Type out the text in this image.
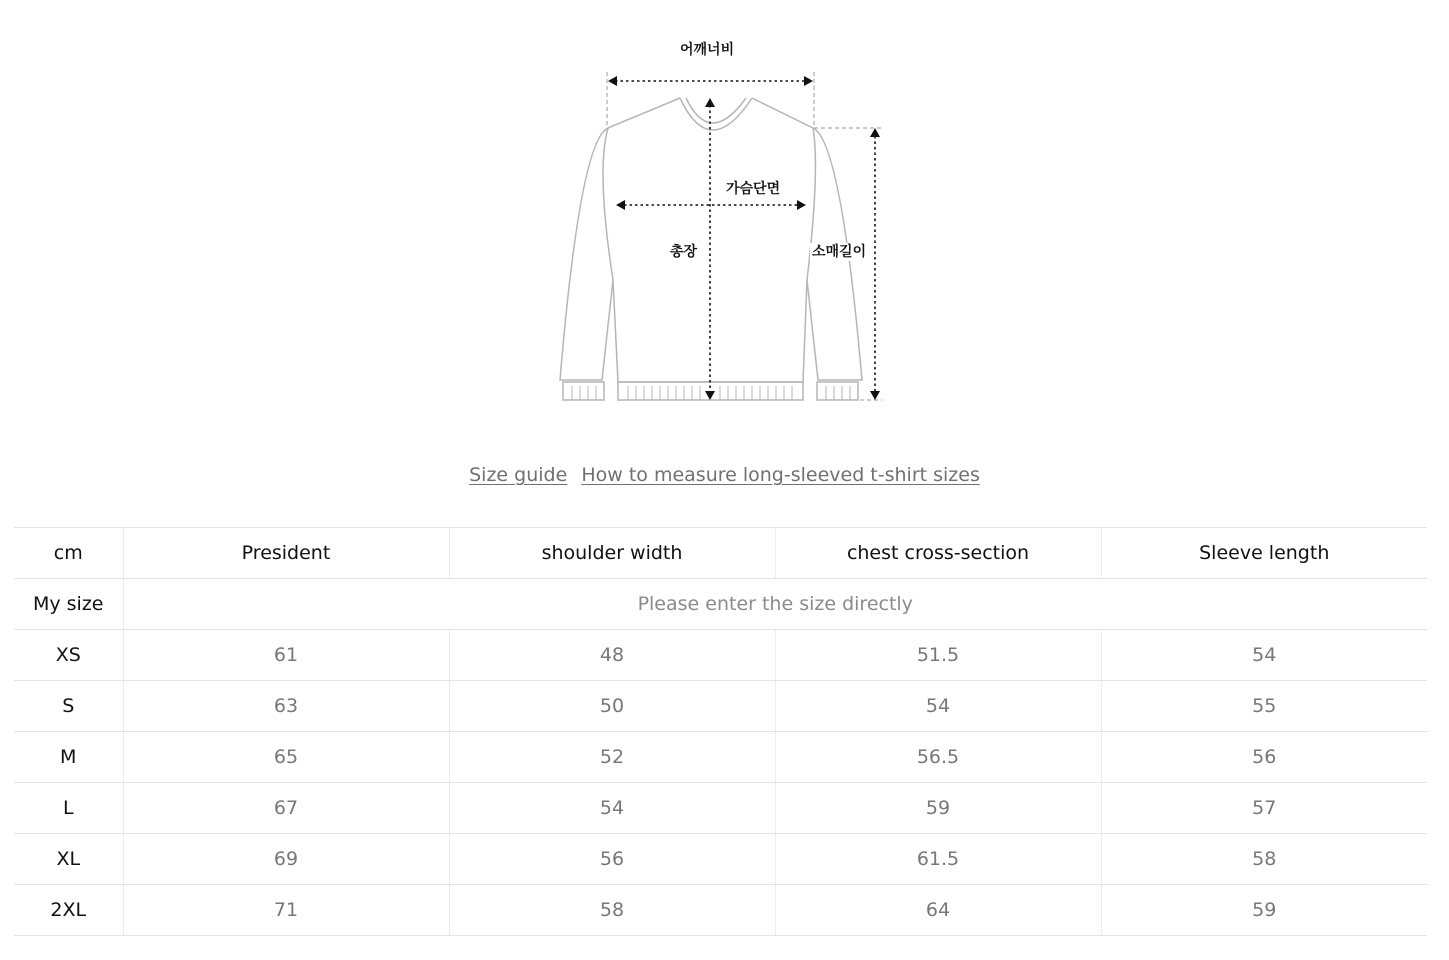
어깨너비
가슴단면
총장	소매길이
Size guide How to measure long-sleeved t-shirt sizes
cm	President	shoulder width	chest cross-section	Sleeve length
My size	Please enter the size directly			
XS	61	48	51.5	54
S	63	50	54	55
M	65	52	56.5	56
L	67	54	59	57
XL	69	56	61.5	58
2XL	71	58	64	59
